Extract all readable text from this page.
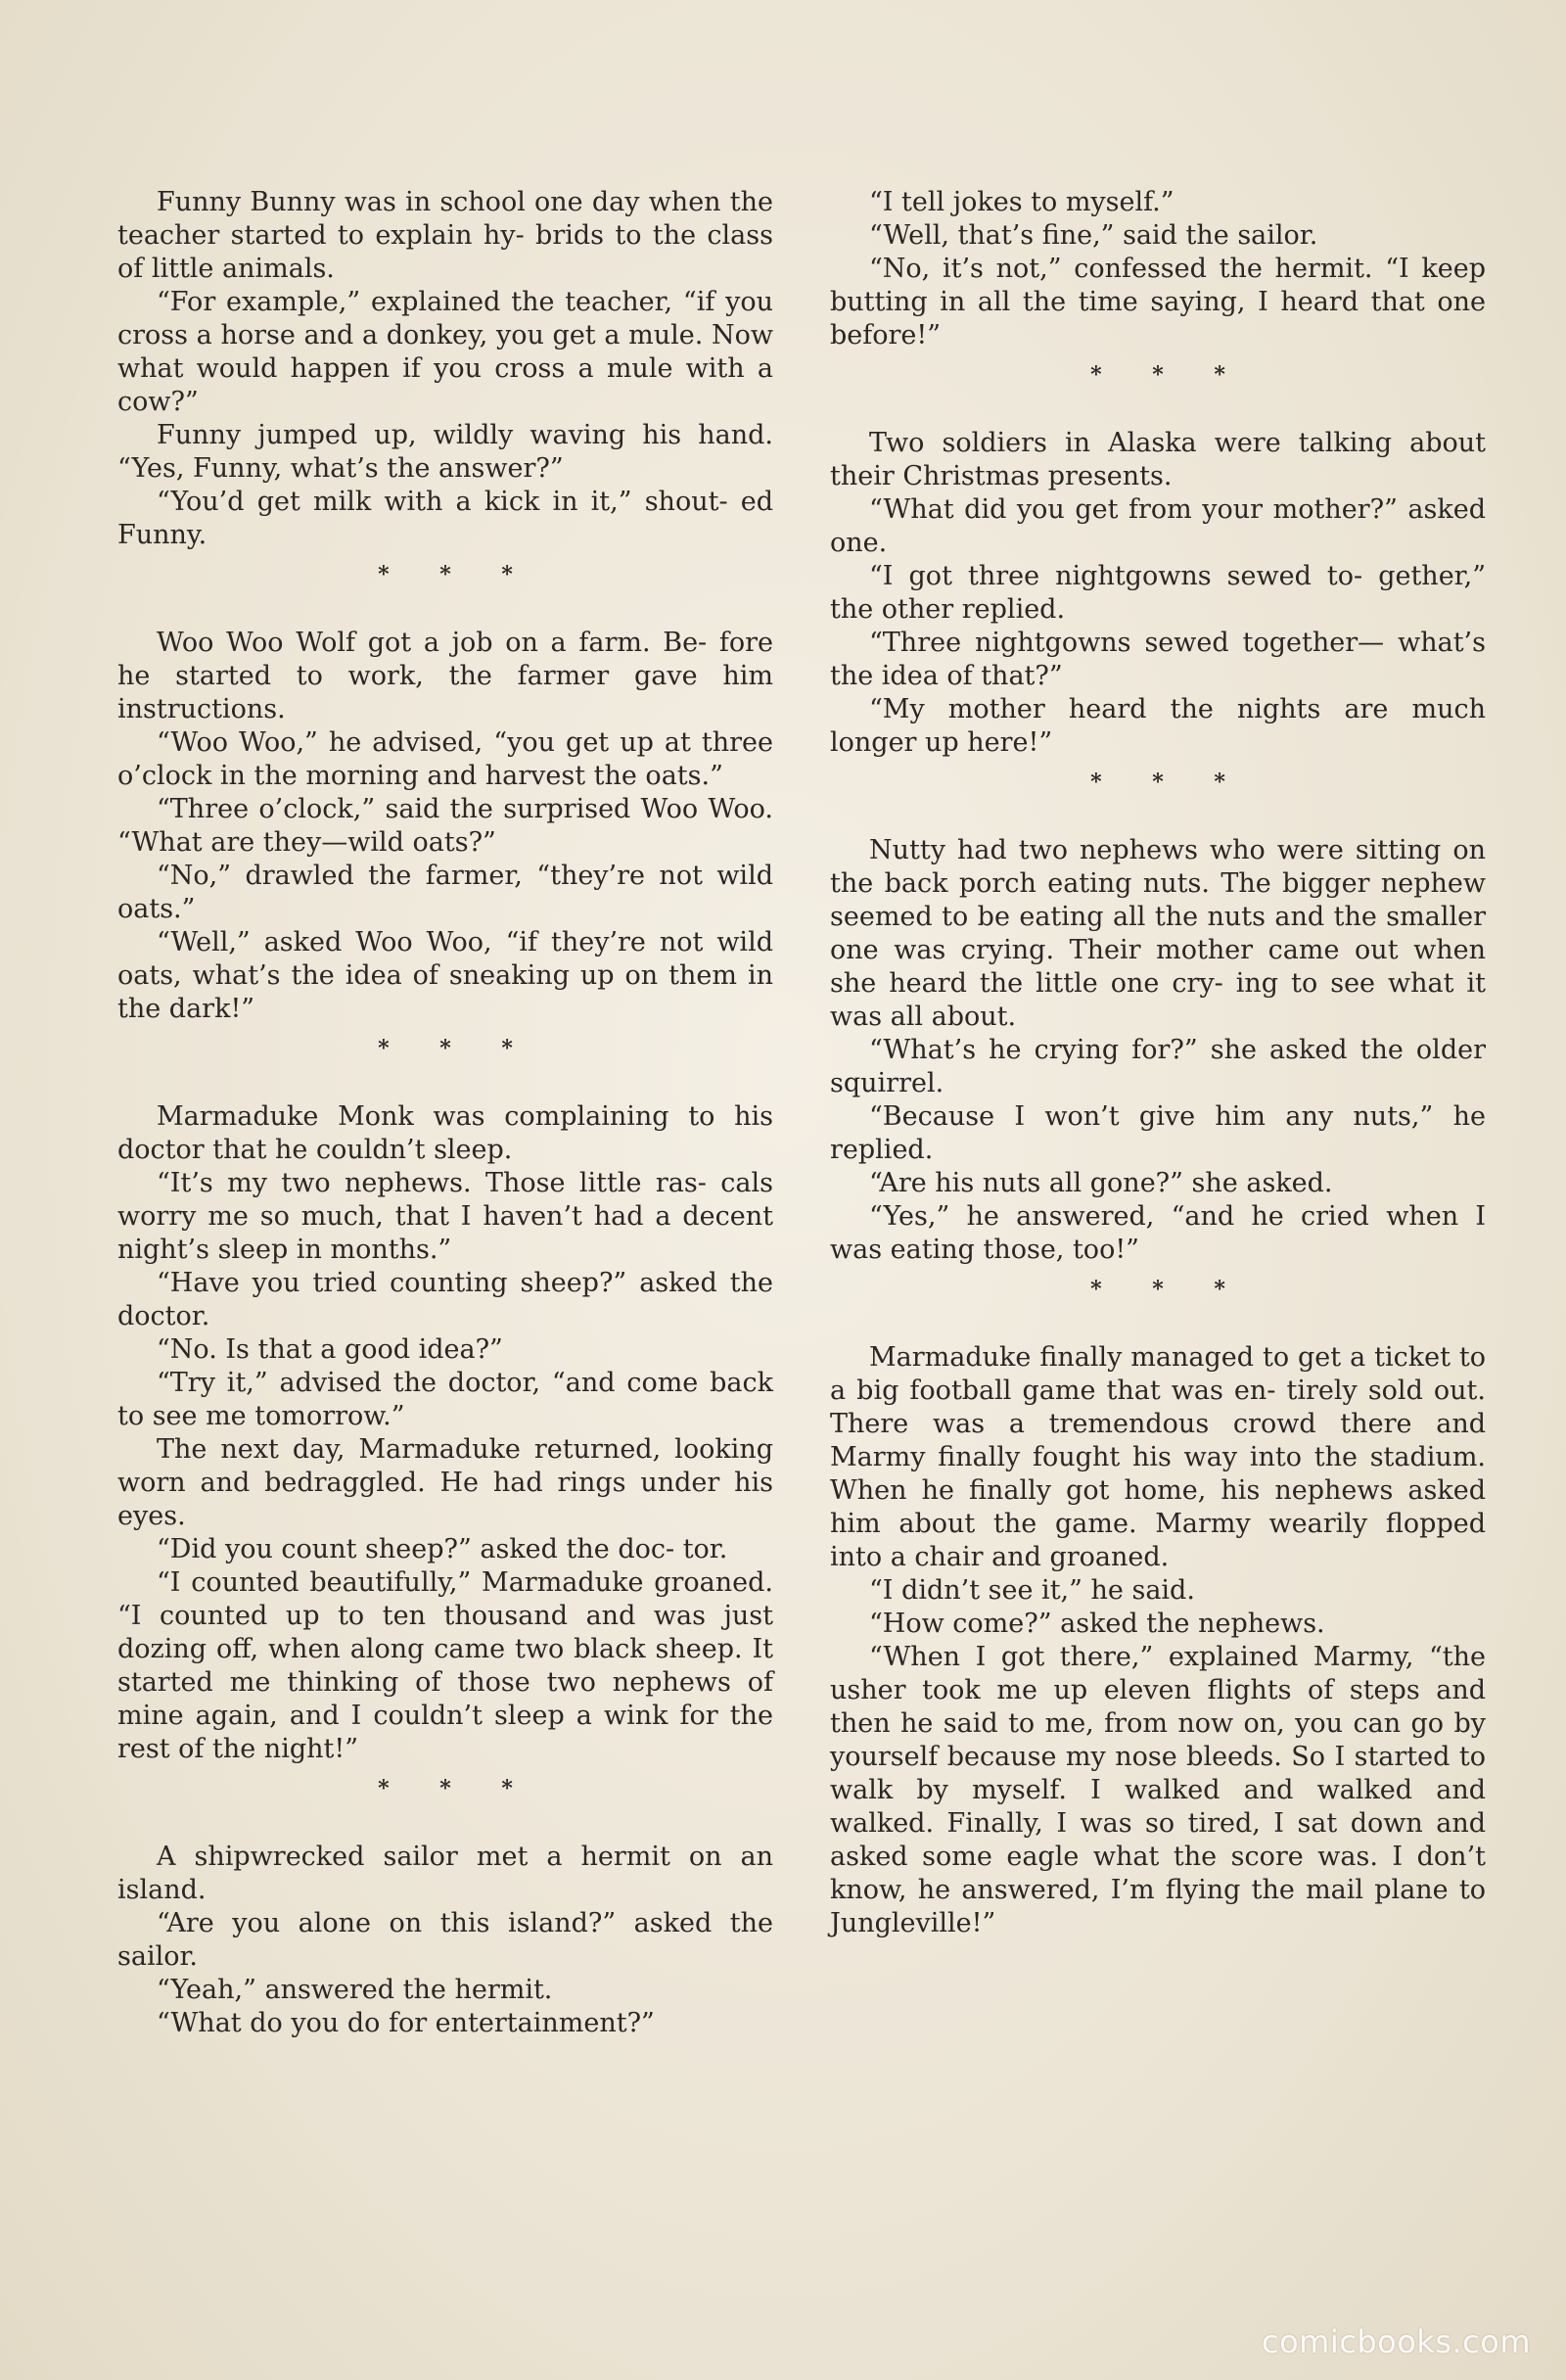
Funny Bunny was in school one day when the teacher started to explain hy- brids to the class of little animals.

“For example,” explained the teacher, “if you cross a horse and a donkey, you get a mule. Now what would happen if you cross a mule with a cow?”

Funny jumped up, wildly waving his hand. “Yes, Funny, what’s the answer?”

“You’d get milk with a kick in it,” shout- ed Funny.

* * *

Woo Woo Wolf got a job on a farm. Be- fore he started to work, the farmer gave him instructions.

“Woo Woo,” he advised, “you get up at three o’clock in the morning and harvest the oats.”

“Three o’clock,” said the surprised Woo Woo. “What are they—wild oats?”

“No,” drawled the farmer, “they’re not wild oats.”

“Well,” asked Woo Woo, “if they’re not wild oats, what’s the idea of sneaking up on them in the dark!”

* * *

Marmaduke Monk was complaining to his doctor that he couldn’t sleep.

“It’s my two nephews. Those little ras- cals worry me so much, that I haven’t had a decent night’s sleep in months.”

“Have you tried counting sheep?” asked the doctor.

“No. Is that a good idea?”

“Try it,” advised the doctor, “and come back to see me tomorrow.”

The next day, Marmaduke returned, looking worn and bedraggled. He had rings under his eyes.

“Did you count sheep?” asked the doc- tor.

“I counted beautifully,” Marmaduke groaned. “I counted up to ten thousand and was just dozing off, when along came two black sheep. It started me thinking of those two nephews of mine again, and I couldn’t sleep a wink for the rest of the night!”

* * *

A shipwrecked sailor met a hermit on an island.

“Are you alone on this island?” asked the sailor.

“Yeah,” answered the hermit.

“What do you do for entertainment?”

“I tell jokes to myself.”

“Well, that’s fine,” said the sailor.

“No, it’s not,” confessed the hermit. “I keep butting in all the time saying, I heard that one before!”

* * *

Two soldiers in Alaska were talking about their Christmas presents.

“What did you get from your mother?” asked one.

“I got three nightgowns sewed to- gether,” the other replied.

“Three nightgowns sewed together— what’s the idea of that?”

“My mother heard the nights are much longer up here!”

* * *

Nutty had two nephews who were sitting on the back porch eating nuts. The bigger nephew seemed to be eating all the nuts and the smaller one was crying. Their mother came out when she heard the little one cry- ing to see what it was all about.

“What’s he crying for?” she asked the older squirrel.

“Because I won’t give him any nuts,” he replied.

“Are his nuts all gone?” she asked.

“Yes,” he answered, “and he cried when I was eating those, too!”

* * *

Marmaduke finally managed to get a ticket to a big football game that was en- tirely sold out. There was a tremendous crowd there and Marmy finally fought his way into the stadium. When he finally got home, his nephews asked him about the game. Marmy wearily flopped into a chair and groaned.

“I didn’t see it,” he said.

“How come?” asked the nephews.

“When I got there,” explained Marmy, “the usher took me up eleven flights of steps and then he said to me, from now on, you can go by yourself because my nose bleeds. So I started to walk by myself. I walked and walked and walked. Finally, I was so tired, I sat down and asked some eagle what the score was. I don’t know, he answered, I’m flying the mail plane to Jungleville!”

comicbooks.com
